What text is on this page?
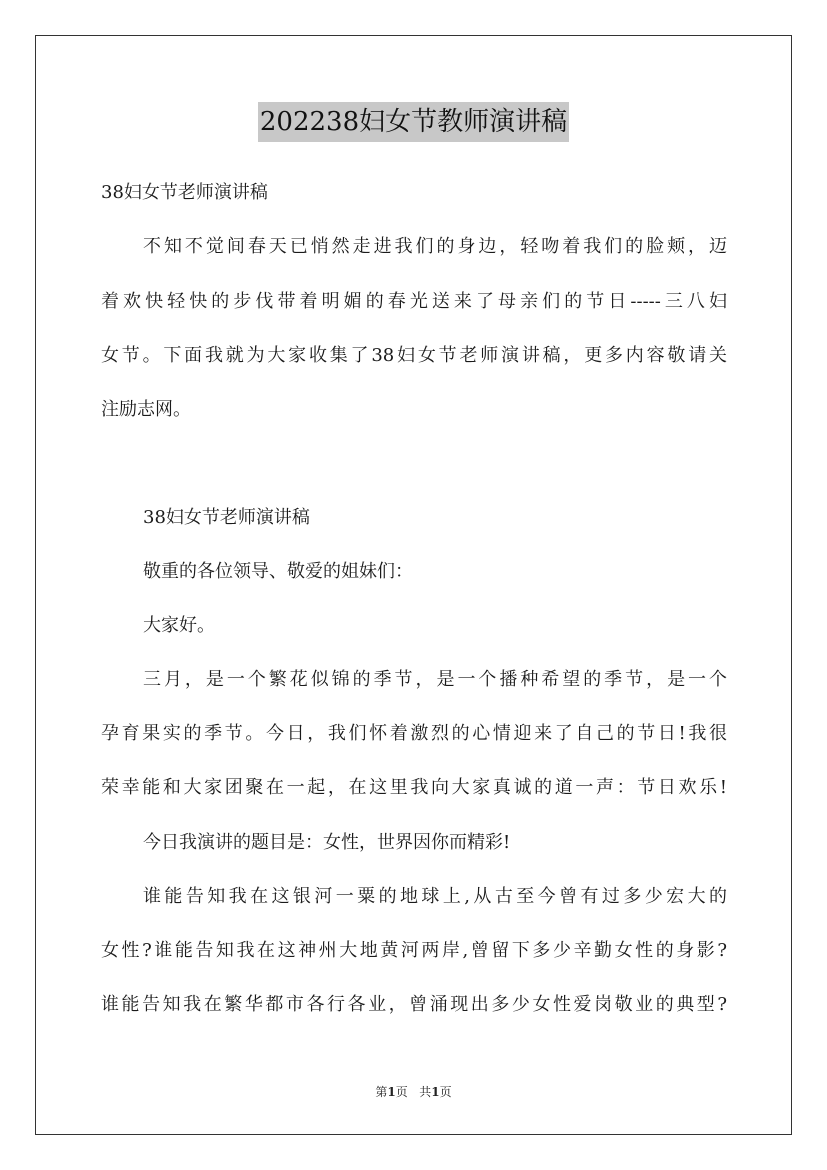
202238妇女节教师演讲稿
38妇女节老师演讲稿
不知不觉间春天已悄然走进我们的身边，轻吻着我们的脸颊，迈
着欢快轻快的步伐带着明媚的春光送来了母亲们的节日-----三八妇
女节。下面我就为大家收集了38妇女节老师演讲稿，更多内容敬请关
注励志网。
38妇女节老师演讲稿
敬重的各位领导、敬爱的姐妹们：
大家好。
三月，是一个繁花似锦的季节，是一个播种希望的季节，是一个
孕育果实的季节。今日，我们怀着激烈的心情迎来了自己的节日!我很
荣幸能和大家团聚在一起，在这里我向大家真诚的道一声：节日欢乐!
今日我演讲的题目是：女性，世界因你而精彩!
谁能告知我在这银河一粟的地球上,从古至今曾有过多少宏大的
女性?谁能告知我在这神州大地黄河两岸,曾留下多少辛勤女性的身影?
谁能告知我在繁华都市各行各业，曾涌现出多少女性爱岗敬业的典型?
第1页 共1页
